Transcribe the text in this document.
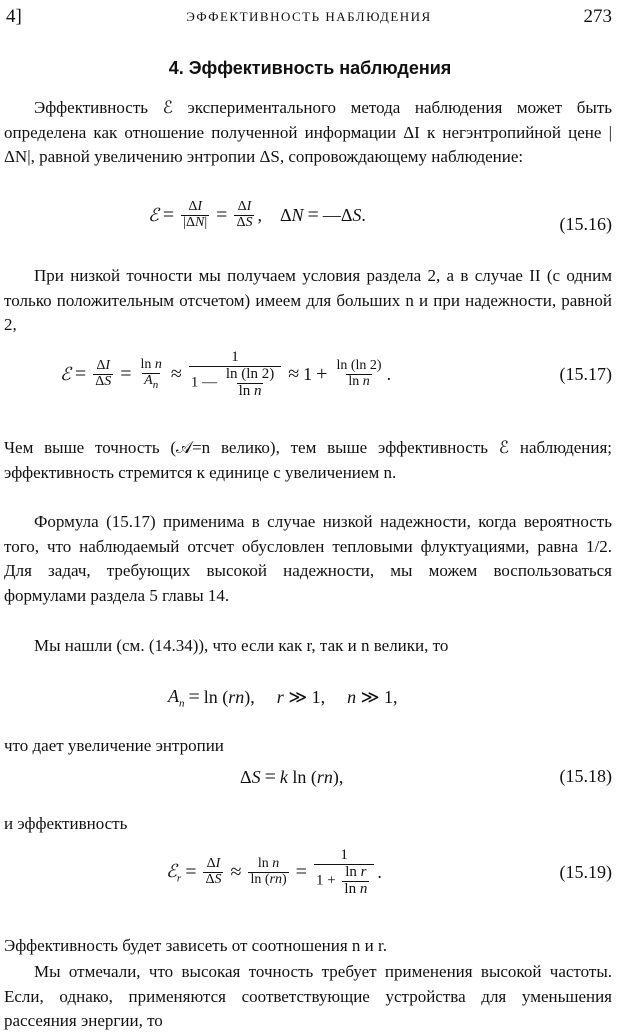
4]	ЭФФЕКТИВНОСТЬ НАБЛЮДЕНИЯ	273
4. Эффективность наблюдения
Эффективность ℰ экспериментального метода наблюдения может быть определена как отношение полученной информации ΔI к негэнтропийной цене |ΔN|, равной увеличению энтропии ΔS, сопровождающему наблюдение:
ℰ = $\frac{\Delta I}{|\Delta N|} = \frac{\Delta I}{\Delta S}$ , ΔN = —ΔS.	(15.16)
При низкой точности мы получаем условия раздела 2, а в случае II (с одним только положительным отсчетом) имеем для больших n и при надежности, равной 2,
ℰ = $\frac{\Delta I}{\Delta S} = \frac{\text{ln n}}{A_n} \approx \frac{1}{1 — \frac{\ln (\ln 2)}{\text{ln n}}} \approx 1 + \frac{\ln (\ln 2)}{\text{ln n}}$ .	(15.17)
Чем выше точность (𝒜=n велико), тем выше эффективность ℰ наблюдения; эффективность стремится к единице с увеличением n.
Формула (15.17) применима в случае низкой надежности, когда вероятность того, что наблюдаемый отсчет обусловлен тепловыми флуктуациями, равна 1/2. Для задач, требующих высокой надежности, мы можем воспользоваться формулами раздела 5 главы 14.
Мы нашли (см. (14.34)), что если как r, так и n велики, то
$A_n = \ln (rn)$, r ≫ 1, n ≫ 1,
что дает увеличение энтропии
ΔS = k ln (rn),	(15.18)
и эффективность
ℰ$_r$ = $\frac{\Delta I}{\Delta S} \approx \frac{\text{ln n}}{\ln (rn)} = \frac{1}{1 + \frac{\text{ln r}}{\text{ln n}}}$ .	(15.19)
Эффективность будет зависеть от соотношения n и r.
Мы отмечали, что высокая точность требует применения высокой частоты. Если, однако, применяются соответствующие устройства для уменьшения рассеяния энергии, то
